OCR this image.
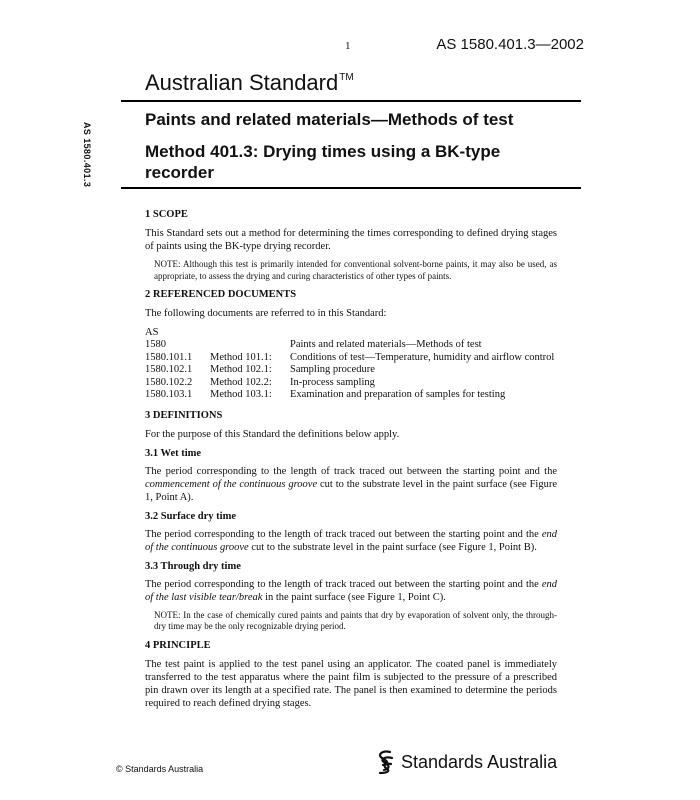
1	AS 1580.401.3—2002
Australian Standard™
Paints and related materials—Methods of test
Method 401.3: Drying times using a BK-type recorder
AS 1580.401.3
1 SCOPE
This Standard sets out a method for determining the times corresponding to defined drying stages of paints using the BK-type drying recorder.
NOTE: Although this test is primarily intended for conventional solvent-borne paints, it may also be used, as appropriate, to assess the drying and curing characteristics of other types of paints.
2 REFERENCED DOCUMENTS
The following documents are referred to in this Standard:
AS
1580		Paints and related materials—Methods of test
1580.101.1	Method 101.1:	Conditions of test—Temperature, humidity and airflow control
1580.102.1	Method 102.1:	Sampling procedure
1580.102.2	Method 102.2:	In-process sampling
1580.103.1	Method 103.1:	Examination and preparation of samples for testing
3 DEFINITIONS
For the purpose of this Standard the definitions below apply.
3.1 Wet time
The period corresponding to the length of track traced out between the starting point and the commencement of the continuous groove cut to the substrate level in the paint surface (see Figure 1, Point A).
3.2 Surface dry time
The period corresponding to the length of track traced out between the starting point and the end of the continuous groove cut to the substrate level in the paint surface (see Figure 1, Point B).
3.3 Through dry time
The period corresponding to the length of track traced out between the starting point and the end of the last visible tear/break in the paint surface (see Figure 1, Point C).
NOTE: In the case of chemically cured paints and paints that dry by evaporation of solvent only, the through-dry time may be the only recognizable drying period.
4 PRINCIPLE
The test paint is applied to the test panel using an applicator. The coated panel is immediately transferred to the test apparatus where the paint film is subjected to the pressure of a prescribed pin drawn over its length at a specified rate. The panel is then examined to determine the periods required to reach defined drying stages.
© Standards Australia	Standards Australia
